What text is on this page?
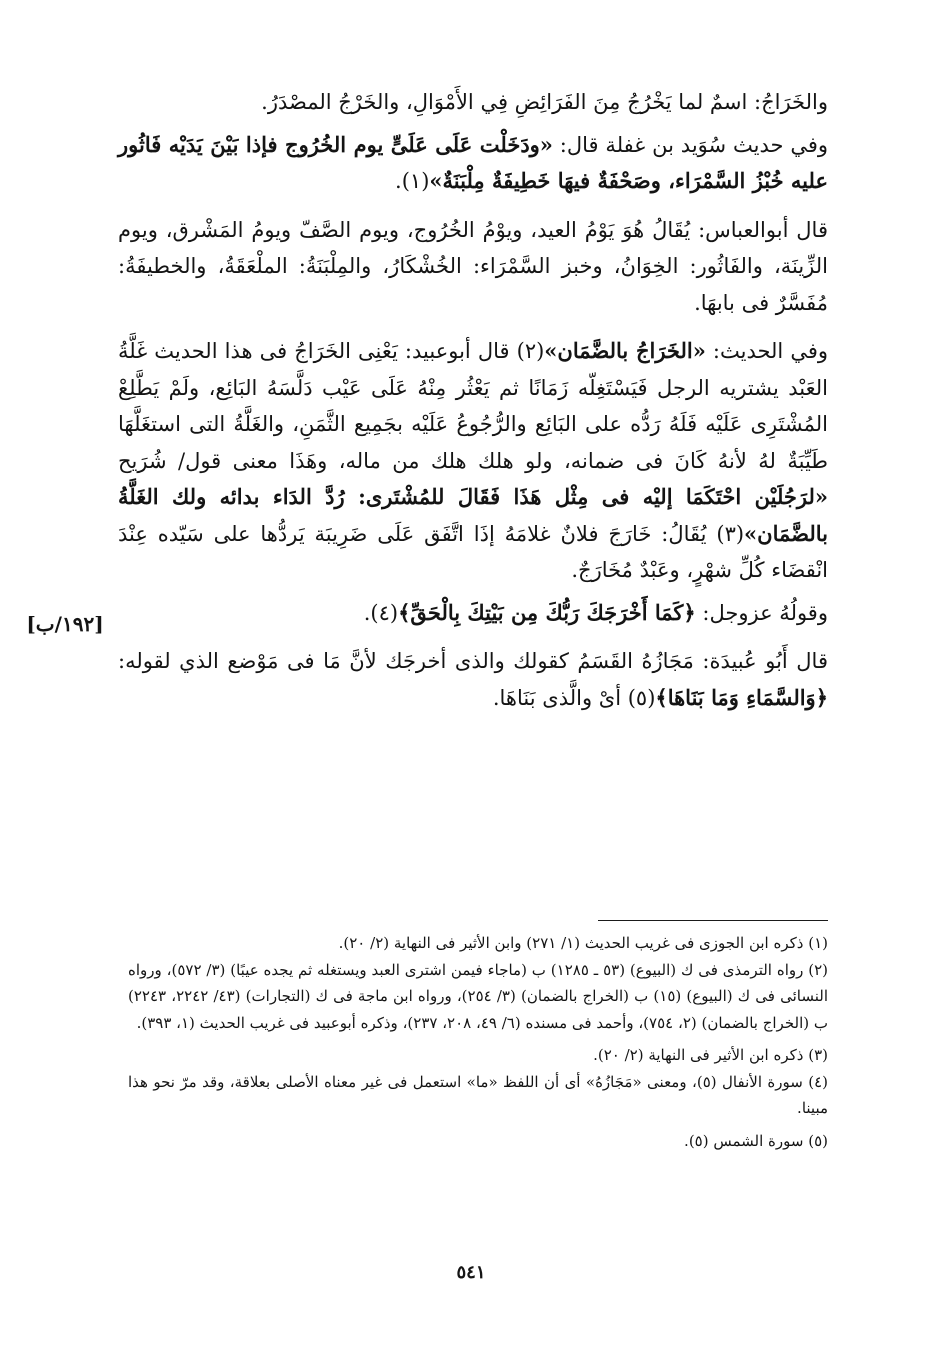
والخَرَاجُ: اسمٌ لما يَخْرُجُ مِنَ الفَرَائِضِ فِي الأَمْوَالِ، والخَرْجُ المصْدَرُ.

وفي حديث سُوَيد بن غفلة قال: «ودَخَلْت عَلَى عَلَىٍّ يوم الخُرُوج فإذا بَيْنَ يَدَيْه فَاثُور عليه خُبْزُ السَّمْرَاء، وصَحْفَةٌ فيهَا خَطِيفَةٌ مِلْبَنَةٌ»(١).

قال أبوالعباس: يُقَالُ هُوَ يَوْمُ العيد، ويوْمُ الخُرُوج، ويوم الصَّفّ ويومُ المَشْرق، ويوم الزِّينَة، والفَاثُور: الخِوَانُ، وخبز السَّمْرَاء: الخُشْكَارُ، والمِلْبَنَةُ: الملْعَقَةُ، والخطيفَةُ: مُفَسَّرٌ فى بابهَا.

وفي الحديث: «الخَرَاجُ بالضَّمَان»(٢) قال أبوعبيد: يَعْنِى الخَرَاجُ فى هذا الحديث غَلَّةُ العَبْد يشتريه الرجل فَيَسْتَغِلّه زَمَانًا ثم يَعْثُر مِنْهُ عَلَى عَيْب دَلَّسَهُ البَائِع، ولَمْ يَطَّلِعْ المُشْتَرِى عَلَيْه فَلَهُ رَدُّه على البَائِع والرُّجُوعُ عَلَيْه بجَمِيع الثَّمَنِ، والغَلَّةُ التى استغَلَّهَا طَيِّبَةٌ لهُ لأنهُ كَانَ فى ضمانه، ولو هلك هلك من ماله، وهَذَا معنى قول/ شُرَيح «لرَجُلَيْن احْتَكَمَا إليْه فى مِثْل هَذَا فَقَالَ للمُشْتَرى: رُدَّ الدَاء بدائه ولك الغَلَّةُ بالضَّمَان»(٣) يُقَالُ: خَارَجَ فلانٌ غلامَهُ إذَا اتَّفَق عَلَى ضَرِيبَة يَردُّها على سَيّده عِنْدَ انْقضَاء كُلِّ شهْرٍ، وعَبْدٌ مُخَارَجٌ.

وقولُهُ عزوجل: ﴿كَمَا أَخْرَجَكَ رَبُّكَ مِن بَيْتِكَ بِالْحَقِّ﴾(٤).

قال أَبُو عُبيدَة: مَجَازُهُ القَسَمُ كقولك والذى أخرجَك لأنَّ مَا فى مَوْضع الذي لقوله: ﴿وَالسَّمَاءِ وَمَا بَنَاهَا﴾(٥) أىْ والَّذى بَنَاهَا.

[١٩٢/ب]

(١) ذكره ابن الجوزى فى غريب الحديث (١/ ٢٧١) وابن الأثير فى النهاية (٢/ ٢٠).

(٢) رواه الترمذى فى ك (البيوع) (٥٣ ـ ١٢٨٥) ب (ماجاء فيمن اشترى العبد ويستغله ثم يجده عيبًا) (٣/ ٥٧٢)، ورواه النسائى فى ك (البيوع) (١٥) ب (الخراج بالضمان) (٣/ ٢٥٤)، ورواه ابن ماجة فى ك (التجارات) (٤٣/ ٢٢٤٢، ٢٢٤٣) ب (الخراج بالضمان) (٢، ٧٥٤)، وأحمد فى مسنده (٦/ ٤٩، ٢٠٨، ٢٣٧)، وذكره أبوعبيد فى غريب الحديث (١، ٣٩٣).

(٣) ذكره ابن الأثير فى النهاية (٢/ ٢٠).

(٤) سورة الأنفال (٥)، ومعنى «مَجَازُهُ» أى أن اللفظ «ما» استعمل فى غير معناه الأصلى بعلاقة، وقد مرّ نحو هذا مبينا.

(٥) سورة الشمس (٥).

٥٤١
